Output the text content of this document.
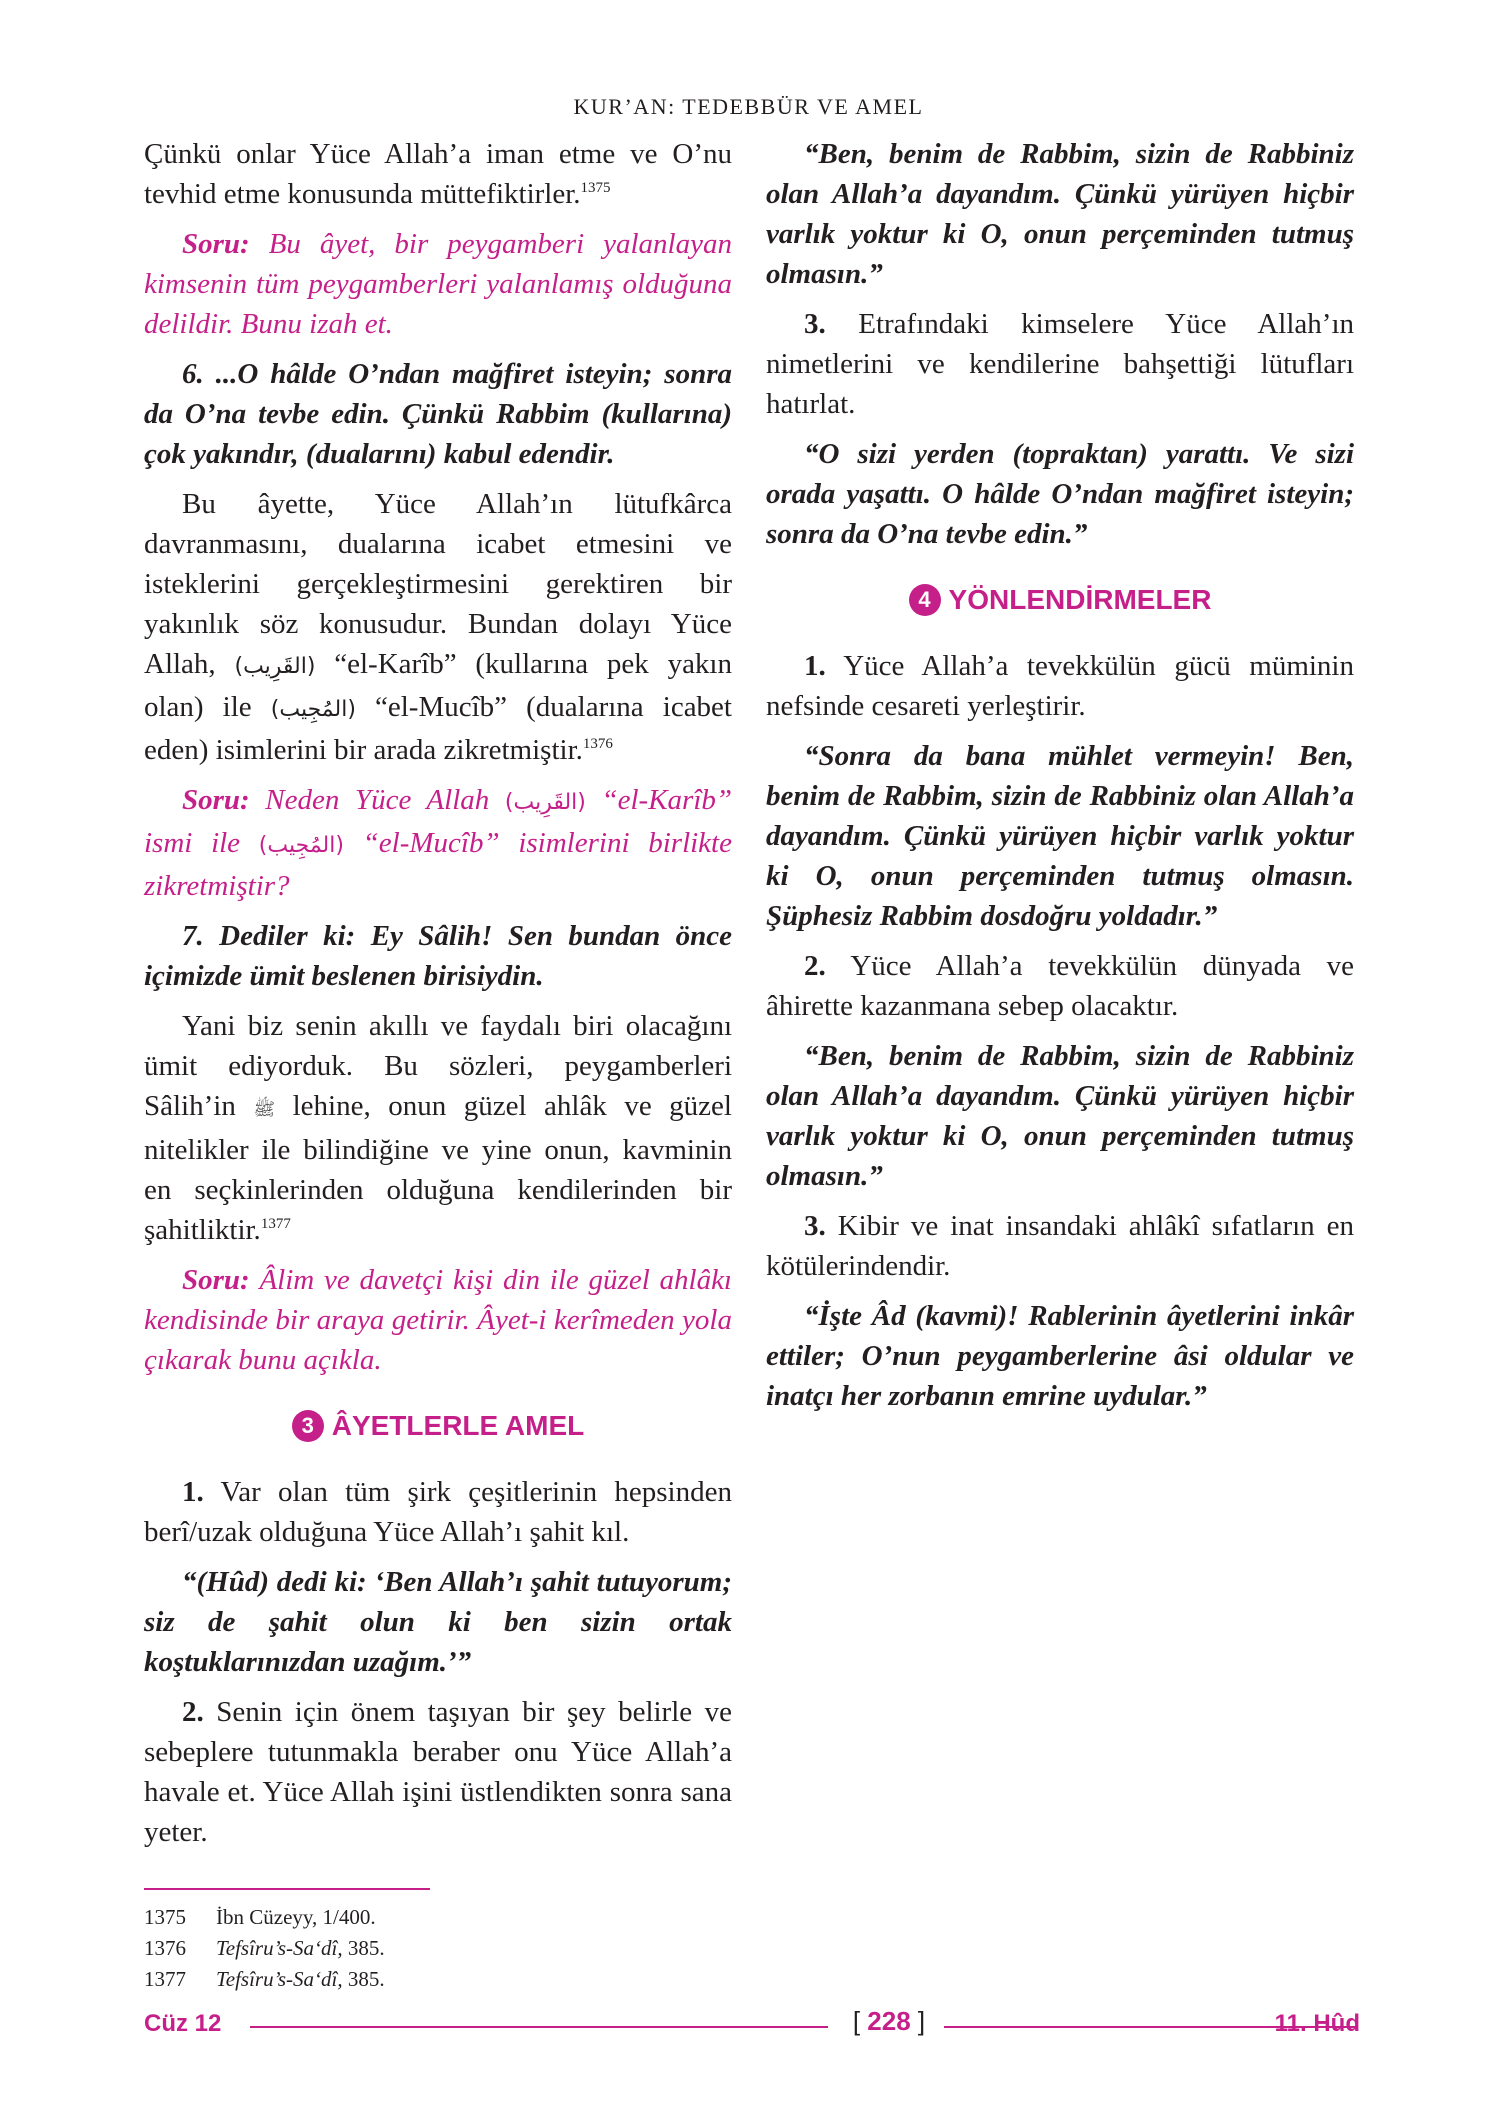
KUR’AN: TEDEBBÜR VE AMEL

Çünkü onlar Yüce Allah’a iman etme ve O’nu tevhid etme konusunda müttefiktirler.$^{1375}$

Soru: Bu âyet, bir peygamberi yalanlayan kimsenin tüm peygamberleri yalanlamış olduğuna delildir. Bunu izah et.

6. ...O hâlde O’ndan mağfiret isteyin; sonra da O’na tevbe edin. Çünkü Rabbim (kullarına) çok yakındır, (dualarını) kabul edendir.

Bu âyette, Yüce Allah’ın lütufkârca davranmasını, dualarına icabet etmesini ve isteklerini gerçekleştirmesini gerektiren bir yakınlık söz konusudur. Bundan dolayı Yüce Allah, (القَرِيب) “el-Karîb” (kullarına pek yakın olan) ile (المُجِيب) “el-Mucîb” (dualarına icabet eden) isimlerini bir arada zikretmiştir.$^{1376}$

Soru: Neden Yüce Allah (القَرِيب) “el-Karîb” ismi ile (المُجِيب) “el-Mucîb” isimlerini birlikte zikretmiştir?

7. Dediler ki: Ey Sâlih! Sen bundan önce içimizde ümit beslenen birisiydin.

Yani biz senin akıllı ve faydalı biri olacağını ümit ediyorduk. Bu sözleri, peygamberleri Sâlih’in ﷺ lehine, onun güzel ahlâk ve güzel nitelikler ile bilindiğine ve yine onun, kavminin en seçkinlerinden olduğuna kendilerinden bir şahitliktir.$^{1377}$

Soru: Âlim ve davetçi kişi din ile güzel ahlâkı kendisinde bir araya getirir. Âyet-i kerîmeden yola çıkarak bunu açıkla.

3 ÂYETLERLE AMEL

1. Var olan tüm şirk çeşitlerinin hepsinden berî/uzak olduğuna Yüce Allah’ı şahit kıl.

“(Hûd) dedi ki: ‘Ben Allah’ı şahit tutuyorum; siz de şahit olun ki ben sizin ortak koştuklarınızdan uzağım.’”

2. Senin için önem taşıyan bir şey belirle ve sebeplere tutunmakla beraber onu Yüce Allah’a havale et. Yüce Allah işini üstlendikten sonra sana yeter.

“Ben, benim de Rabbim, sizin de Rabbiniz olan Allah’a dayandım. Çünkü yürüyen hiçbir varlık yoktur ki O, onun perçeminden tutmuş olmasın.”

3. Etrafındaki kimselere Yüce Allah’ın nimetlerini ve kendilerine bahşettiği lütufları hatırlat.

“O sizi yerden (topraktan) yarattı. Ve sizi orada yaşattı. O hâlde O’ndan mağfiret isteyin; sonra da O’na tevbe edin.”

4 YÖNLENDİRMELER

1. Yüce Allah’a tevekkülün gücü müminin nefsinde cesareti yerleştirir.

“Sonra da bana mühlet vermeyin! Ben, benim de Rabbim, sizin de Rabbiniz olan Allah’a dayandım. Çünkü yürüyen hiçbir varlık yoktur ki O, onun perçeminden tutmuş olmasın. Şüphesiz Rabbim dosdoğru yoldadır.”

2. Yüce Allah’a tevekkülün dünyada ve âhirette kazanmana sebep olacaktır.

“Ben, benim de Rabbim, sizin de Rabbiniz olan Allah’a dayandım. Çünkü yürüyen hiçbir varlık yoktur ki O, onun perçeminden tutmuş olmasın.”

3. Kibir ve inat insandaki ahlâkî sıfatların en kötülerindendir.

“İşte Âd (kavmi)! Rablerinin âyetlerini inkâr ettiler; O’nun peygamberlerine âsi oldular ve inatçı her zorbanın emrine uydular.”

1375	İbn Cüzeyy, 1/400.
1376	Tefsîru’s-Sa‘dî, 385.
1377	Tefsîru’s-Sa‘dî, 385.
Cüz 12	[ 228 ]	11. Hûd
